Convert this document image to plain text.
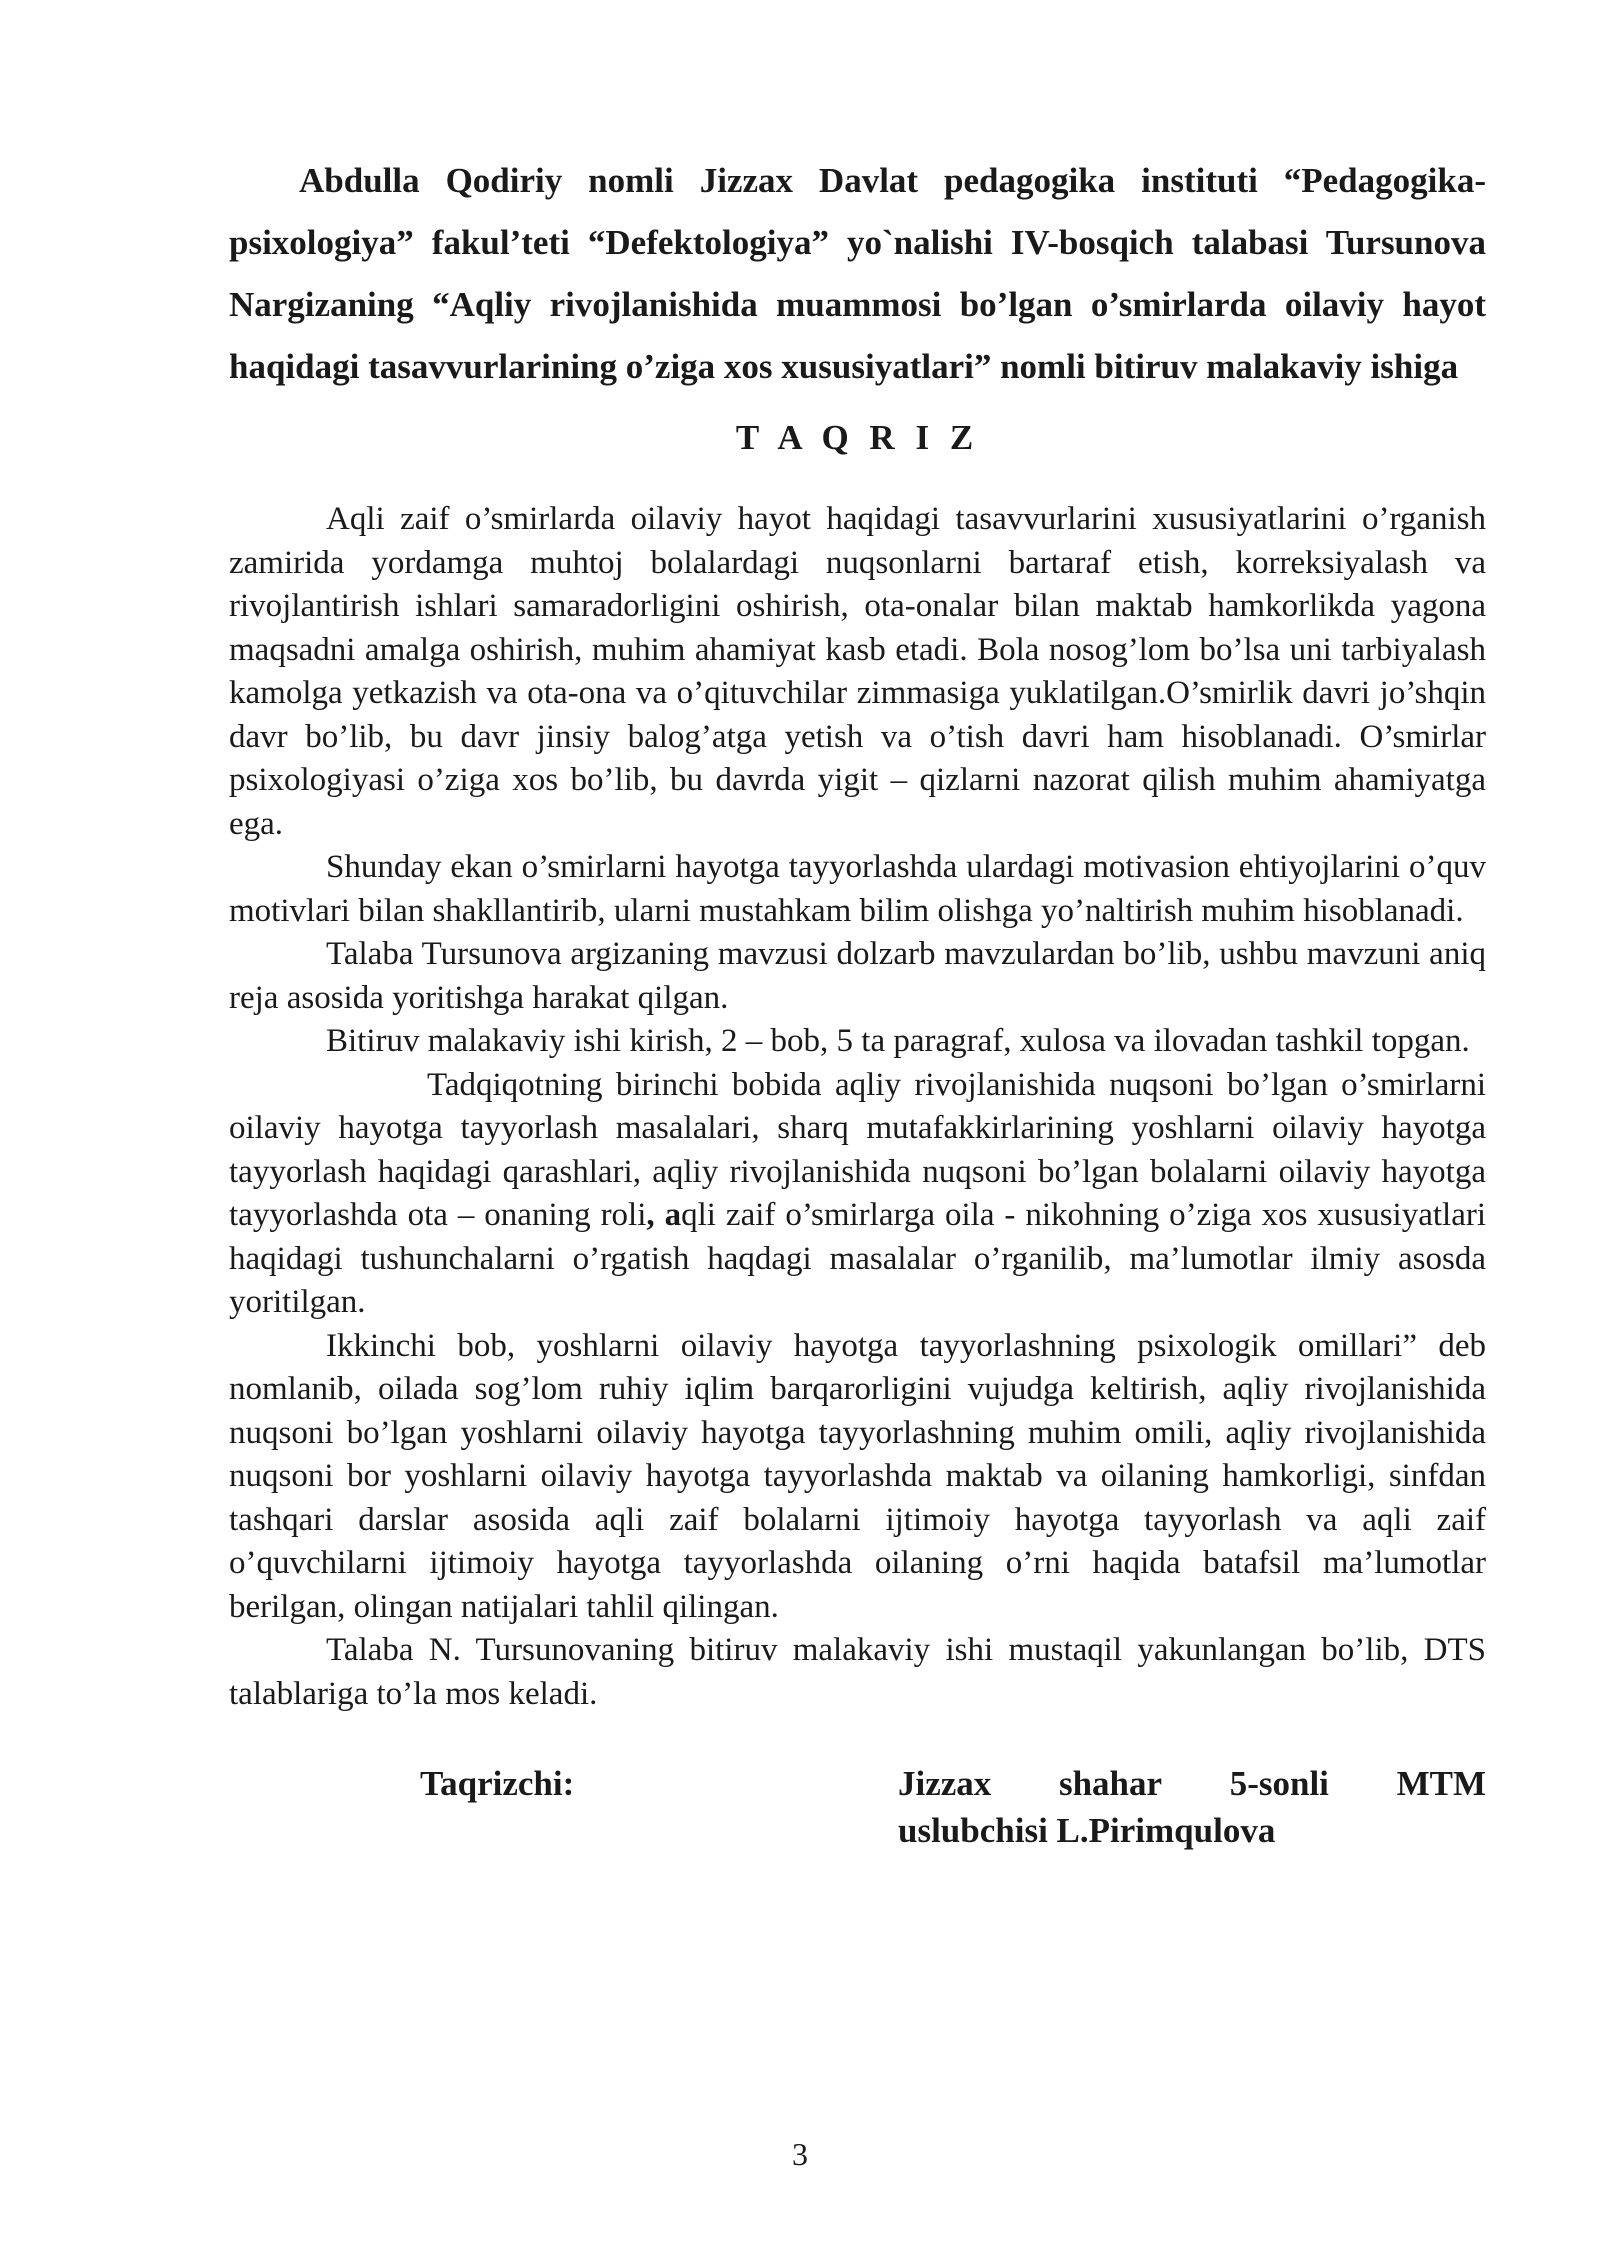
Abdulla Qodiriy nomli Jizzax Davlat pedagogika instituti “Pedagogika-psixologiya” fakul’teti “Defektologiya” yo`nalishi IV-bosqich talabasi Tursunova Nargizaning “Aqliy rivojlanishida muammosi bo’lgan o’smirlarda oilaviy hayot haqidagi tasavvurlarining o’ziga xos xususiyatlari” nomli bitiruv malakaviy ishiga

T A Q R I Z

Aqli zaif o’smirlarda oilaviy hayot haqidagi tasavvurlarini xususiyatlarini o’rganish zamirida yordamga muhtoj bolalardagi nuqsonlarni bartaraf etish, korreksiyalash va rivojlantirish ishlari samaradorligini oshirish, ota-onalar bilan maktab hamkorlikda yagona maqsadni amalga oshirish, muhim ahamiyat kasb etadi. Bola nosog’lom bo’lsa uni tarbiyalash kamolga yetkazish va ota-ona va o’qituvchilar zimmasiga yuklatilgan.O’smirlik davri jo’shqin davr bo’lib, bu davr jinsiy balog’atga yetish va o’tish davri ham hisoblanadi. O’smirlar psixologiyasi o’ziga xos bo’lib, bu davrda yigit – qizlarni nazorat qilish muhim ahamiyatga ega.

Shunday ekan o’smirlarni hayotga tayyorlashda ulardagi motivasion ehtiyojlarini o’quv motivlari bilan shakllantirib, ularni mustahkam bilim olishga yo’naltirish muhim hisoblanadi.

Talaba Tursunova argizaning mavzusi dolzarb mavzulardan bo’lib, ushbu mavzuni aniq reja asosida yoritishga harakat qilgan.

Bitiruv malakaviy ishi kirish, 2 – bob, 5 ta paragraf, xulosa va ilovadan tashkil topgan.

Tadqiqotning birinchi bobida aqliy rivojlanishida nuqsoni bo’lgan o’smirlarni oilaviy hayotga tayyorlash masalalari, sharq mutafakkirlarining yoshlarni oilaviy hayotga tayyorlash haqidagi qarashlari, aqliy rivojlanishida nuqsoni bo’lgan bolalarni oilaviy hayotga tayyorlashda ota – onaning roli, aqli zaif o’smirlarga oila - nikohning o’ziga xos xususiyatlari haqidagi tushunchalarni o’rgatish haqdagi masalalar o’rganilib, ma’lumotlar ilmiy asosda yoritilgan.

Ikkinchi bob, yoshlarni oilaviy hayotga tayyorlashning psixologik omillari” deb nomlanib, oilada sog’lom ruhiy iqlim barqarorligini vujudga keltirish, aqliy rivojlanishida nuqsoni bo’lgan yoshlarni oilaviy hayotga tayyorlashning muhim omili, aqliy rivojlanishida nuqsoni bor yoshlarni oilaviy hayotga tayyorlashda maktab va oilaning hamkorligi, sinfdan tashqari darslar asosida aqli zaif bolalarni ijtimoiy hayotga tayyorlash va aqli zaif o’quvchilarni ijtimoiy hayotga tayyorlashda oilaning o’rni haqida batafsil ma’lumotlar berilgan, olingan natijalari tahlil qilingan.

Talaba N. Tursunovaning bitiruv malakaviy ishi mustaqil yakunlangan bo’lib, DTS talablariga to’la mos keladi.

Taqrizchi:	Jizzax shahar 5-sonli MTM
uslubchisi L.Pirimqulova
3
